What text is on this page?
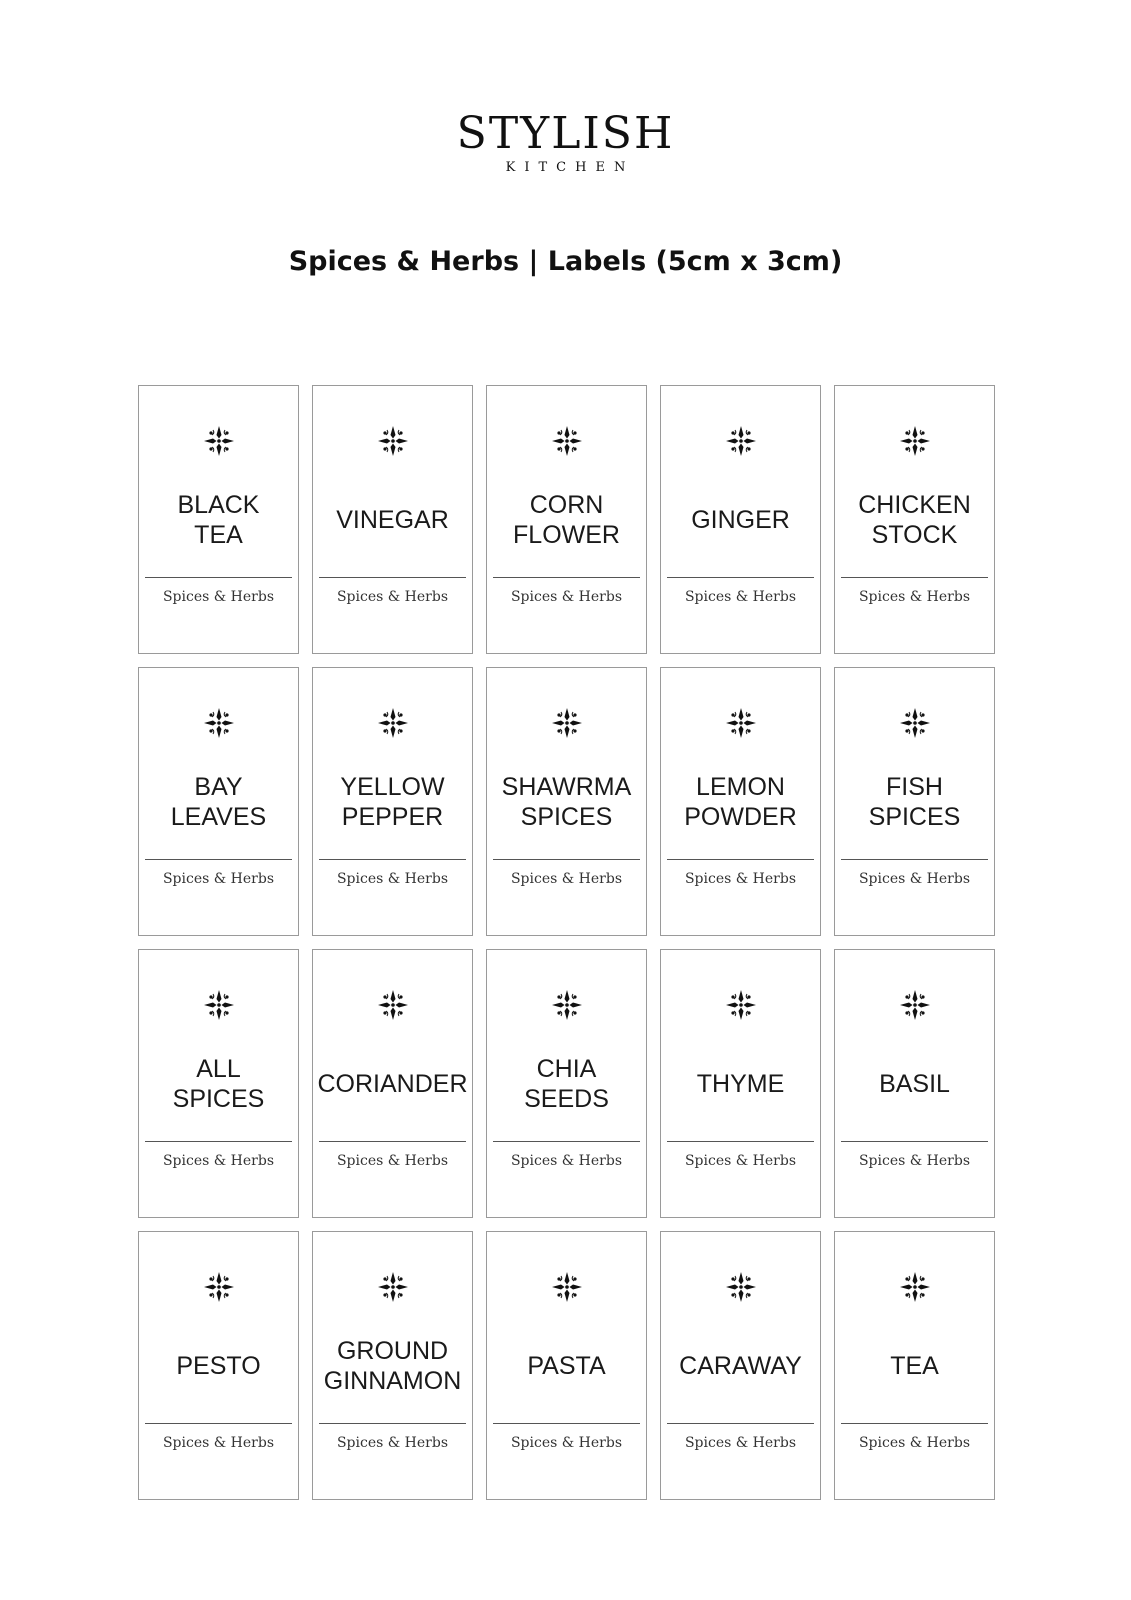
STYLISH
KITCHEN
Spices & Herbs | Labels (5cm x 3cm)
BLACK
TEA
Spices & Herbs
VINEGAR
Spices & Herbs
CORN
FLOWER
Spices & Herbs
GINGER
Spices & Herbs
CHICKEN
STOCK
Spices & Herbs
BAY
LEAVES
Spices & Herbs
YELLOW
PEPPER
Spices & Herbs
SHAWRMA
SPICES
Spices & Herbs
LEMON
POWDER
Spices & Herbs
FISH
SPICES
Spices & Herbs
ALL
SPICES
Spices & Herbs
CORIANDER
Spices & Herbs
CHIA
SEEDS
Spices & Herbs
THYME
Spices & Herbs
BASIL
Spices & Herbs
PESTO
Spices & Herbs
GROUND
GINNAMON
Spices & Herbs
PASTA
Spices & Herbs
CARAWAY
Spices & Herbs
TEA
Spices & Herbs
